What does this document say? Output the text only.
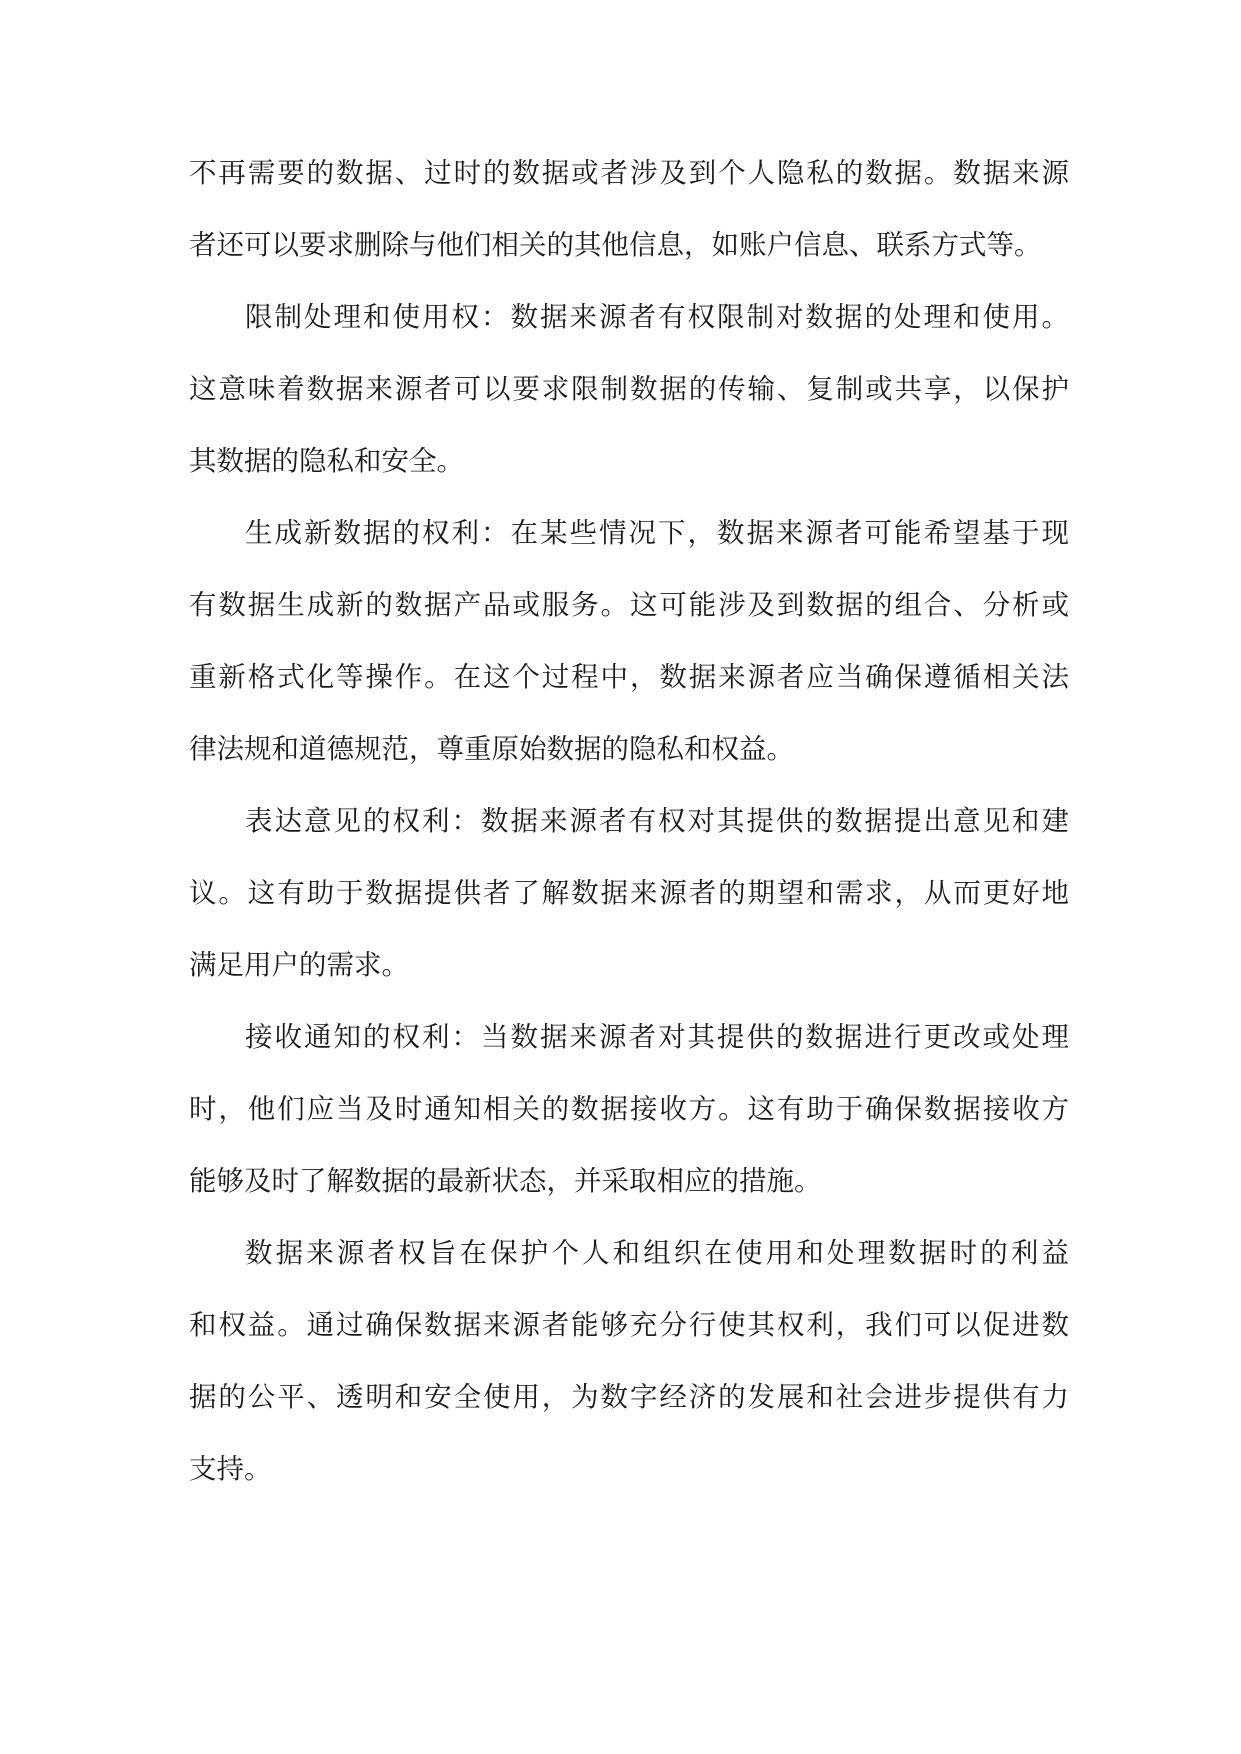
不再需要的数据、过时的数据或者涉及到个人隐私的数据。数据来源

者还可以要求删除与他们相关的其他信息，如账户信息、联系方式等。

限制处理和使用权：数据来源者有权限制对数据的处理和使用。

这意味着数据来源者可以要求限制数据的传输、复制或共享，以保护

其数据的隐私和安全。

生成新数据的权利：在某些情况下，数据来源者可能希望基于现

有数据生成新的数据产品或服务。这可能涉及到数据的组合、分析或

重新格式化等操作。在这个过程中，数据来源者应当确保遵循相关法

律法规和道德规范，尊重原始数据的隐私和权益。

表达意见的权利：数据来源者有权对其提供的数据提出意见和建

议。这有助于数据提供者了解数据来源者的期望和需求，从而更好地

满足用户的需求。

接收通知的权利：当数据来源者对其提供的数据进行更改或处理

时，他们应当及时通知相关的数据接收方。这有助于确保数据接收方

能够及时了解数据的最新状态，并采取相应的措施。

数据来源者权旨在保护个人和组织在使用和处理数据时的利益

和权益。通过确保数据来源者能够充分行使其权利，我们可以促进数

据的公平、透明和安全使用，为数字经济的发展和社会进步提供有力

支持。
